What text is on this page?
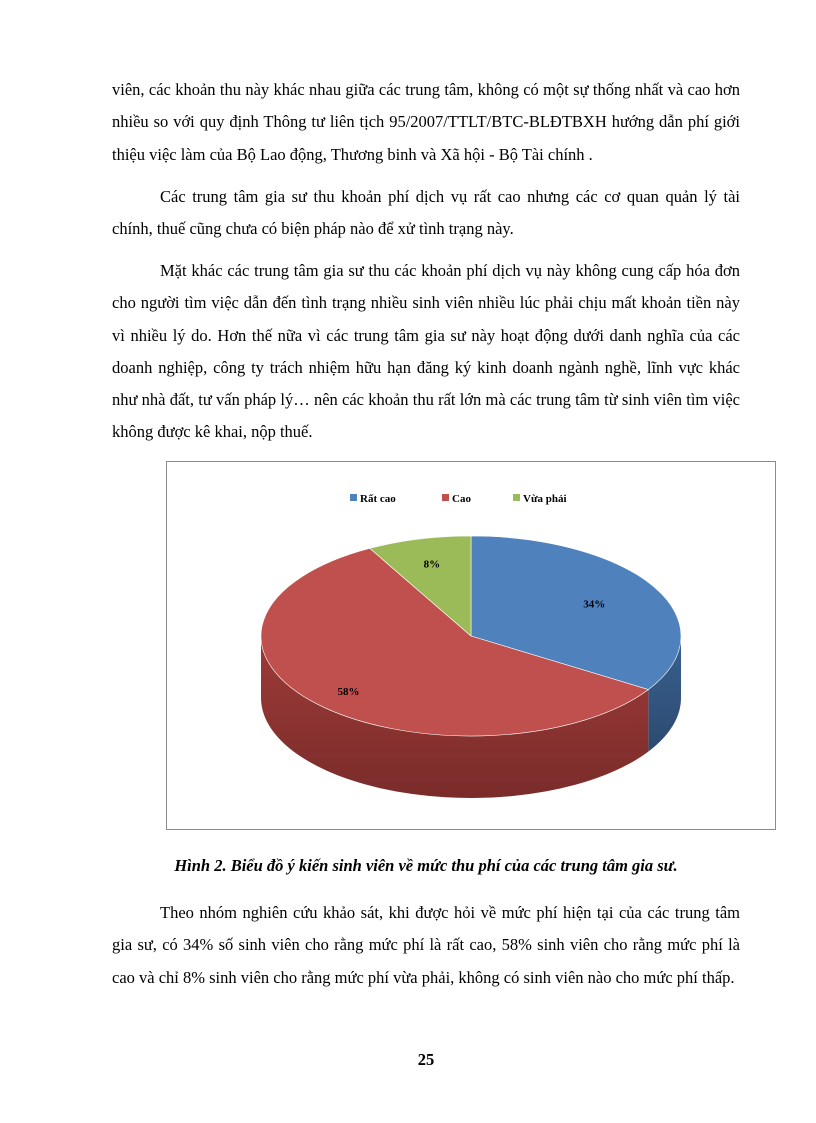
viên, các khoản thu này khác nhau giữa các trung tâm, không có một sự thống nhất và cao hơn nhiều so với quy định Thông tư liên tịch 95/2007/TTLT/BTC-BLĐTBXH hướng dẫn phí giới thiệu việc làm của Bộ Lao động, Thương binh và Xã hội - Bộ Tài chính .

Các trung tâm gia sư thu khoản phí dịch vụ rất cao nhưng các cơ quan quản lý tài chính, thuế cũng chưa có biện pháp nào để xử tình trạng này.

Mặt khác các trung tâm gia sư thu các khoản phí dịch vụ này không cung cấp hóa đơn cho người tìm việc dẫn đến tình trạng nhiều sinh viên nhiều lúc phải chịu mất khoản tiền này vì nhiều lý do. Hơn thế nữa vì các trung tâm gia sư này hoạt động dưới danh nghĩa của các doanh nghiệp, công ty trách nhiệm hữu hạn đăng ký kinh doanh ngành nghề, lĩnh vực khác như nhà đất, tư vấn pháp lý… nên các khoản thu rất lớn mà các trung tâm từ sinh viên tìm việc không được kê khai, nộp thuế.

Rất cao	Cao	Vừa phải
34%
58%
8%

Hình 2. Biểu đồ ý kiến sinh viên về mức thu phí của các trung tâm gia sư.

Theo nhóm nghiên cứu khảo sát, khi được hỏi về mức phí hiện tại của các trung tâm gia sư, có 34% số sinh viên cho rằng mức phí là rất cao, 58% sinh viên cho rằng mức phí là cao và chỉ 8% sinh viên cho rằng mức phí vừa phải, không có sinh viên nào cho mức phí thấp.

25
